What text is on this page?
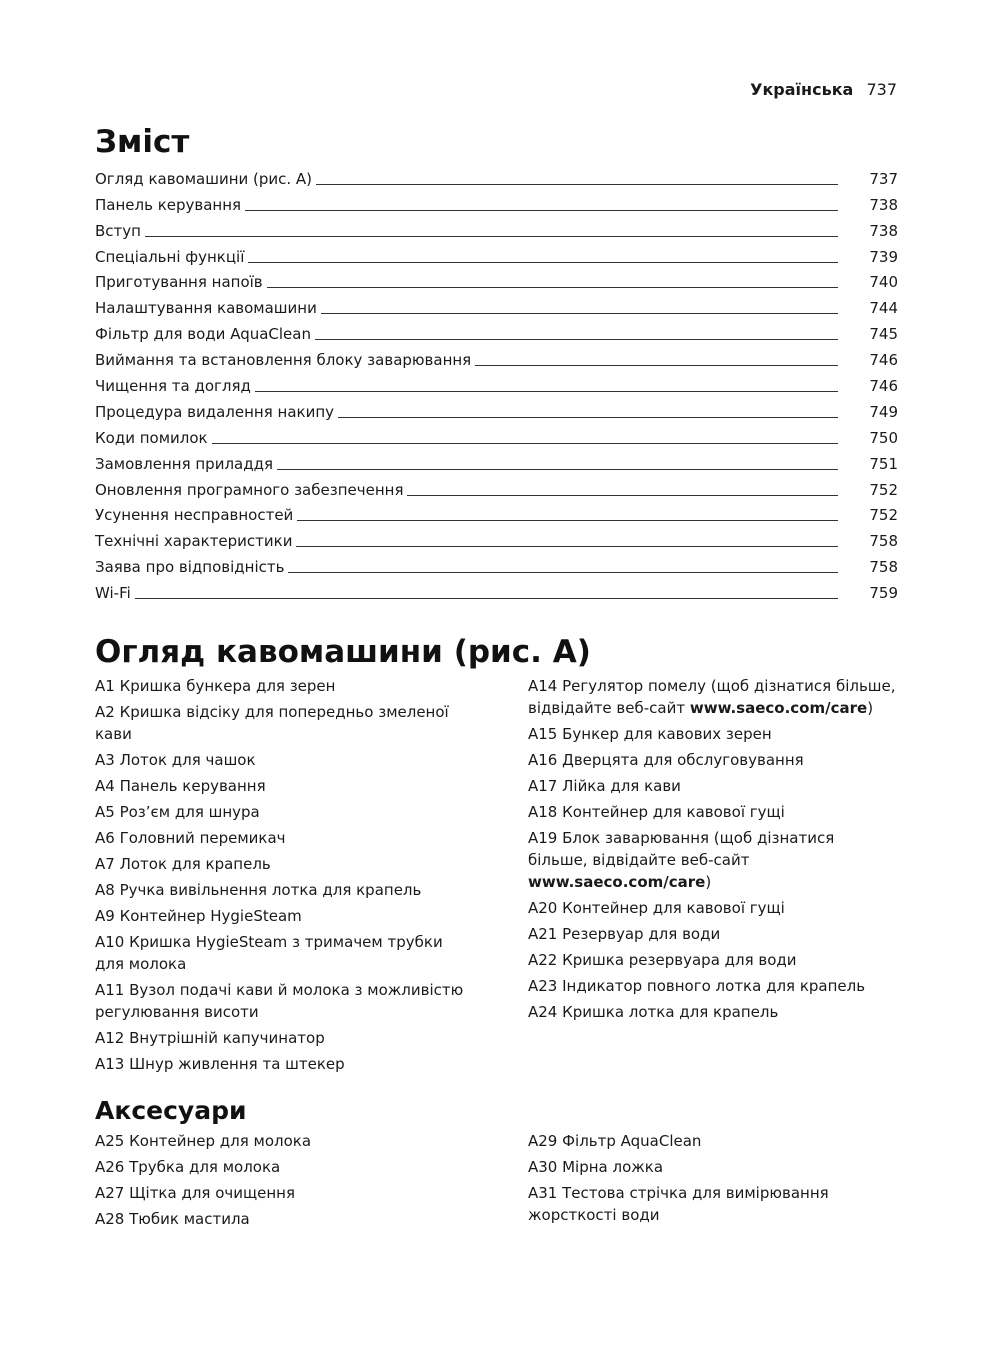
Українська 737
Зміст
Огляд кавомашини (рис. A)	737
Панель керування	738
Вступ	738
Спеціальні функції	739
Приготування напоїв	740
Налаштування кавомашини	744
Фільтр для води AquaClean	745
Виймання та встановлення блоку заварювання	746
Чищення та догляд	746
Процедура видалення накипу	749
Коди помилок	750
Замовлення приладдя	751
Оновлення програмного забезпечення	752
Усунення несправностей	752
Технічні характеристики	758
Заява про відповідність	758
Wi-Fi	759
Огляд кавомашини (рис. A)
A1 Кришка бункера для зерен
A2 Кришка відсіку для попередньо змеленої кави
A3 Лоток для чашок
A4 Панель керування
A5 Роз’єм для шнура
A6 Головний перемикач
A7 Лоток для крапель
A8 Ручка вивільнення лотка для крапель
A9 Контейнер HygieSteam
A10 Кришка HygieSteam з тримачем трубки для молока
A11 Вузол подачі кави й молока з можливістю регулювання висоти
A12 Внутрішній капучинатор
A13 Шнур живлення та штекер
A14 Регулятор помелу (щоб дізнатися більше, відвідайте веб-сайт www.saeco.com/care)
A15 Бункер для кавових зерен
A16 Дверцята для обслуговування
A17 Лійка для кави
A18 Контейнер для кавової гущі
A19 Блок заварювання (щоб дізнатися більше, відвідайте веб-сайт www.saeco.com/care)
A20 Контейнер для кавової гущі
A21 Резервуар для води
A22 Кришка резервуара для води
A23 Індикатор повного лотка для крапель
A24 Кришка лотка для крапель
Аксесуари
A25 Контейнер для молока
A26 Трубка для молока
A27 Щітка для очищення
A28 Тюбик мастила
A29 Фільтр AquaClean
A30 Мірна ложка
A31 Тестова стрічка для вимірювання жорсткості води
